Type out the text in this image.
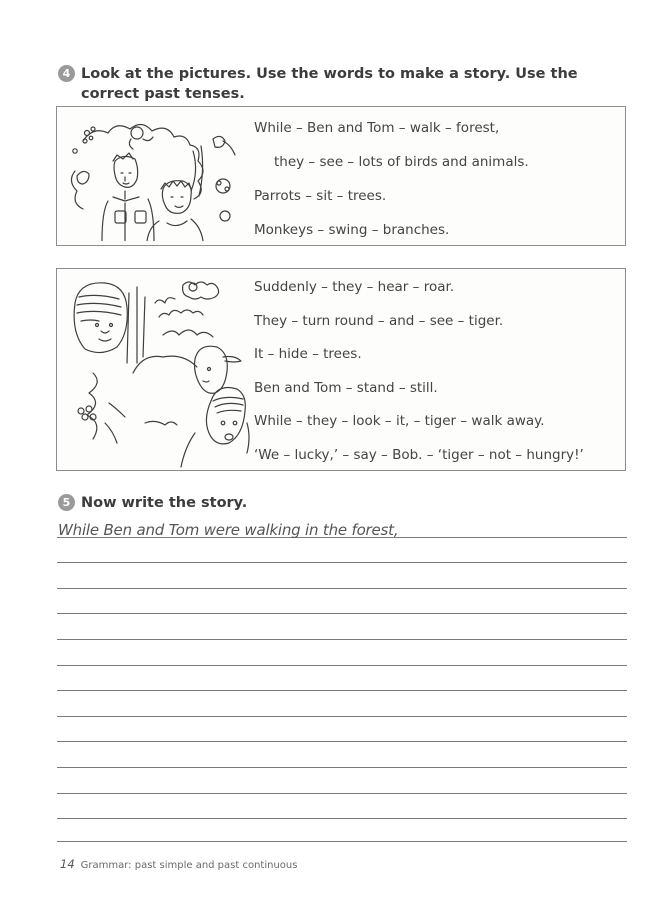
4 Look at the pictures. Use the words to make a story. Use the
correct past tenses.
While – Ben and Tom – walk – forest,
they – see – lots of birds and animals.
Parrots – sit – trees.
Monkeys – swing – branches.
Suddenly – they – hear – roar.
They – turn round – and – see – tiger.
It – hide – trees.
Ben and Tom – stand – still.
While – they – look – it, – tiger – walk away.
‘We – lucky,’ – say – Bob. – ‘tiger – not – hungry!’
5 Now write the story.
While Ben and Tom were walking in the forest,
14 Grammar: past simple and past continuous
